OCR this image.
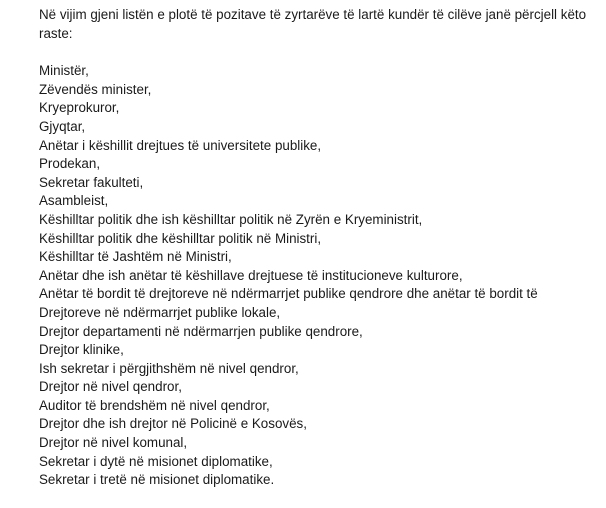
Në vijim gjeni listën e plotë të pozitave të zyrtarëve të lartë kundër të cilëve janë përcjell këto raste:

Ministër,
Zëvendës minister,
Kryeprokuror,
Gjyqtar,
Anëtar i këshillit drejtues të universitete publike,
Prodekan,
Sekretar fakulteti,
Asambleist,
Këshilltar politik dhe ish këshilltar politik në Zyrën e Kryeministrit,
Këshilltar politik dhe këshilltar politik në Ministri,
Këshilltar të Jashtëm në Ministri,
Anëtar dhe ish anëtar të këshillave drejtuese të institucioneve kulturore,
Anëtar të bordit të drejtoreve në ndërmarrjet publike qendrore dhe anëtar të bordit të Drejtoreve në ndërmarrjet publike lokale,
Drejtor departamenti në ndërmarrjen publike qendrore,
Drejtor klinike,
Ish sekretar i përgjithshëm në nivel qendror,
Drejtor në nivel qendror,
Auditor të brendshëm në nivel qendror,
Drejtor dhe ish drejtor në Policinë e Kosovës,
Drejtor në nivel komunal,
Sekretar i dytë në misionet diplomatike,
Sekretar i tretë në misionet diplomatike.
